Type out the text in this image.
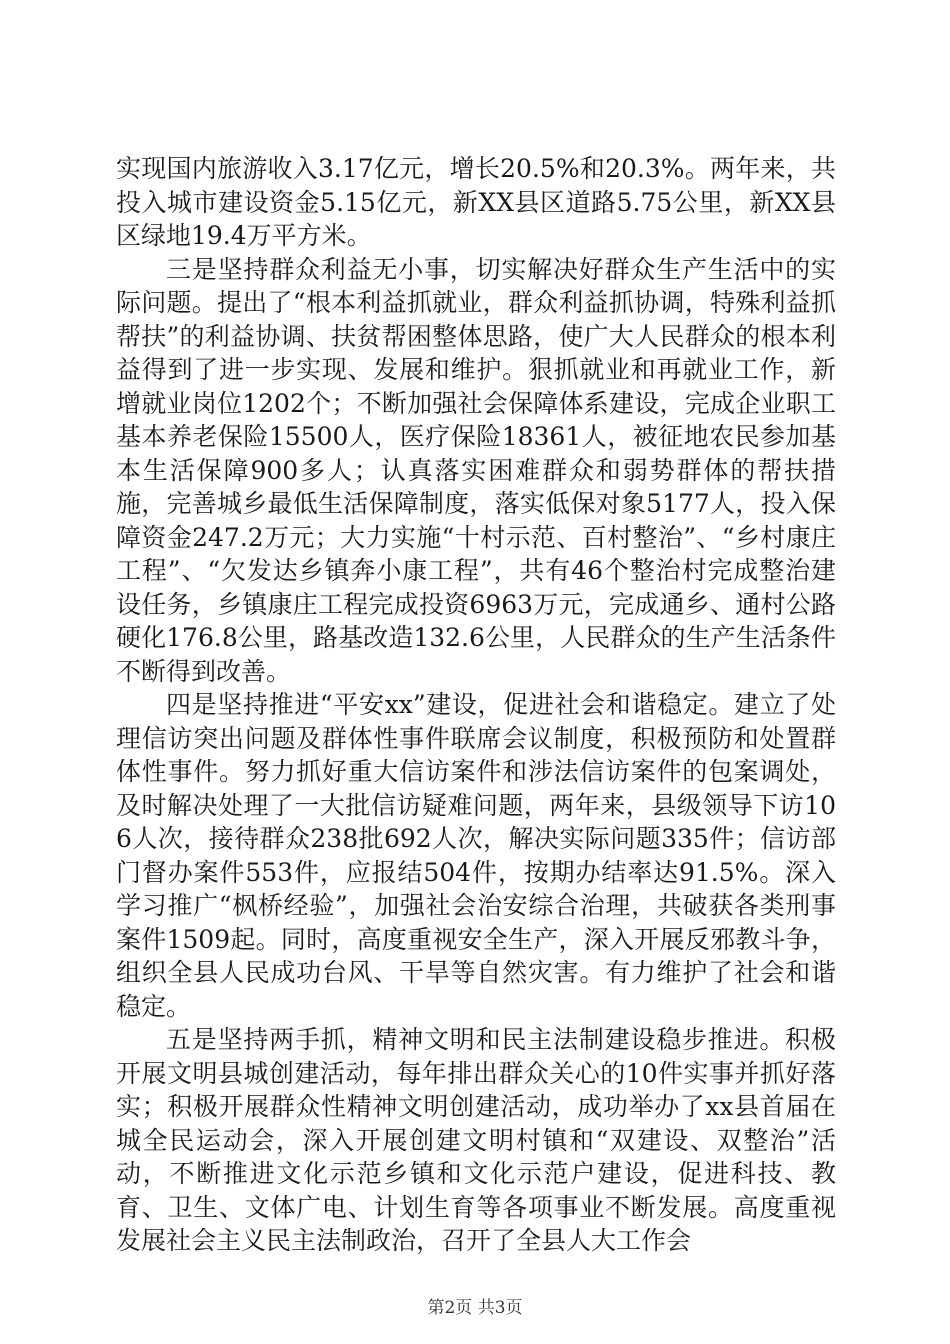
实现国内旅游收入3.17亿元，增长20.5%和20.3%。两年来，共投入城市建设资金5.15亿元，新XX县区道路5.75公里，新XX县区绿地19.4万平方米。

三是坚持群众利益无小事，切实解决好群众生产生活中的实际问题。提出了“根本利益抓就业，群众利益抓协调，特殊利益抓帮扶”的利益协调、扶贫帮困整体思路，使广大人民群众的根本利益得到了进一步实现、发展和维护。狠抓就业和再就业工作，新增就业岗位1202个；不断加强社会保障体系建设，完成企业职工基本养老保险15500人，医疗保险18361人，被征地农民参加基本生活保障900多人；认真落实困难群众和弱势群体的帮扶措施，完善城乡最低生活保障制度，落实低保对象5177人，投入保障资金247.2万元；大力实施“十村示范、百村整治”、“乡村康庄工程”、“欠发达乡镇奔小康工程”，共有46个整治村完成整治建设任务，乡镇康庄工程完成投资6963万元，完成通乡、通村公路硬化176.8公里，路基改造132.6公里，人民群众的生产生活条件不断得到改善。

四是坚持推进“平安xx”建设，促进社会和谐稳定。建立了处理信访突出问题及群体性事件联席会议制度，积极预防和处置群体性事件。努力抓好重大信访案件和涉法信访案件的包案调处，及时解决处理了一大批信访疑难问题，两年来，县级领导下访106人次，接待群众238批692人次，解决实际问题335件；信访部门督办案件553件，应报结504件，按期办结率达91.5%。深入学习推广“枫桥经验”，加强社会治安综合治理，共破获各类刑事案件1509起。同时，高度重视安全生产，深入开展反邪教斗争，组织全县人民成功台风、干旱等自然灾害。有力维护了社会和谐稳定。

五是坚持两手抓，精神文明和民主法制建设稳步推进。积极开展文明县城创建活动，每年排出群众关心的10件实事并抓好落实；积极开展群众性精神文明创建活动，成功举办了xx县首届在城全民运动会，深入开展创建文明村镇和“双建设、双整治”活动，不断推进文化示范乡镇和文化示范户建设，促进科技、教育、卫生、文体广电、计划生育等各项事业不断发展。高度重视发展社会主义民主法制政治，召开了全县人大工作会

第2页 共3页
